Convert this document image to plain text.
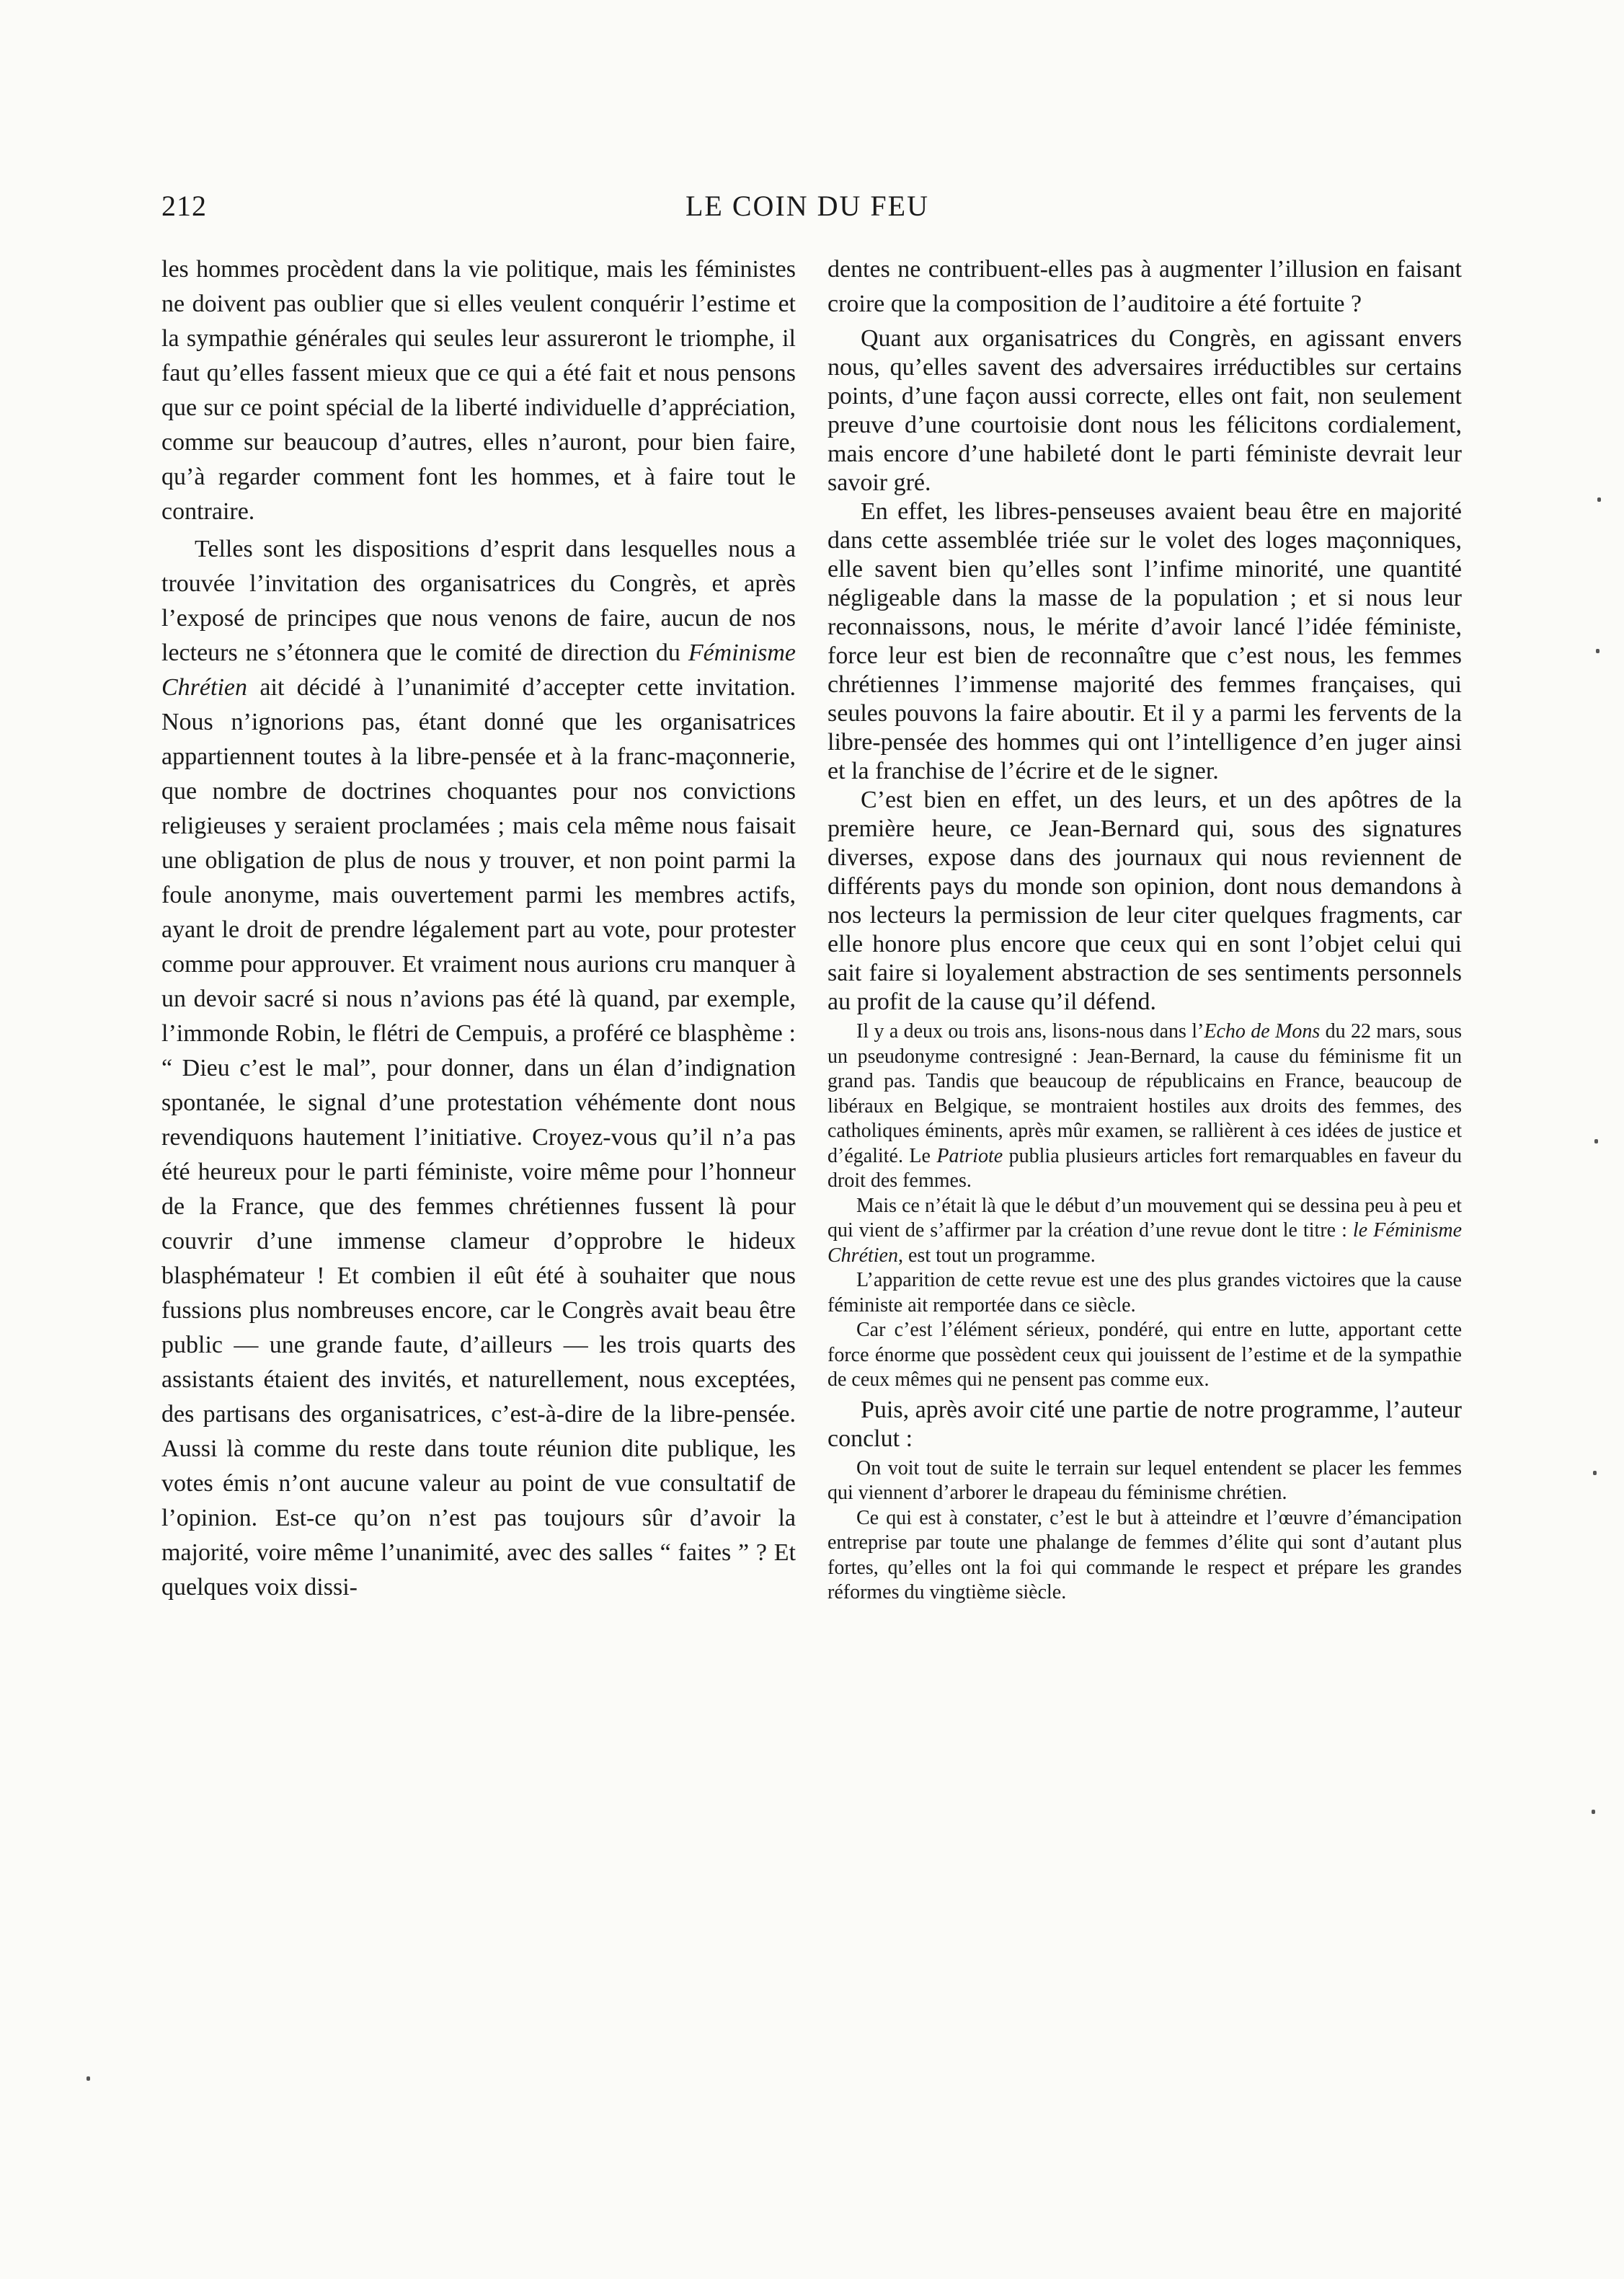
212	LE COIN DU FEU

les hommes procèdent dans la vie politique, mais les féministes ne doivent pas oublier que si elles veulent conquérir l’estime et la sympathie générales qui seules leur assureront le triomphe, il faut qu’elles fassent mieux que ce qui a été fait et nous pensons que sur ce point spécial de la liberté individuelle d’appréciation, comme sur beaucoup d’autres, elles n’auront, pour bien faire, qu’à regarder comment font les hommes, et à faire tout le contraire.

Telles sont les dispositions d’esprit dans lesquelles nous a trouvée l’invitation des organisatrices du Congrès, et après l’exposé de principes que nous venons de faire, aucun de nos lecteurs ne s’étonnera que le comité de direction du Féminisme Chrétien ait décidé à l’unanimité d’accepter cette invitation. Nous n’ignorions pas, étant donné que les organisatrices appartiennent toutes à la libre-pensée et à la franc-maçonnerie, que nombre de doctrines choquantes pour nos convictions religieuses y seraient proclamées ; mais cela même nous faisait une obligation de plus de nous y trouver, et non point parmi la foule anonyme, mais ouvertement parmi les membres actifs, ayant le droit de prendre légalement part au vote, pour protester comme pour approuver. Et vraiment nous aurions cru manquer à un devoir sacré si nous n’avions pas été là quand, par exemple, l’immonde Robin, le flétri de Cempuis, a proféré ce blasphème : “ Dieu c’est le mal”, pour donner, dans un élan d’indignation spontanée, le signal d’une protestation véhémente dont nous revendiquons hautement l’initiative. Croyez-vous qu’il n’a pas été heureux pour le parti féministe, voire même pour l’honneur de la France, que des femmes chrétiennes fussent là pour couvrir d’une immense clameur d’opprobre le hideux blasphémateur ! Et combien il eût été à souhaiter que nous fussions plus nombreuses encore, car le Congrès avait beau être public — une grande faute, d’ailleurs — les trois quarts des assistants étaient des invités, et naturellement, nous exceptées, des partisans des organisatrices, c’est-à-dire de la libre-pensée. Aussi là comme du reste dans toute réunion dite publique, les votes émis n’ont aucune valeur au point de vue consultatif de l’opinion. Est-ce qu’on n’est pas toujours sûr d’avoir la majorité, voire même l’unanimité, avec des salles “ faites ” ? Et quelques voix dissi-

dentes ne contribuent-elles pas à augmenter l’illusion en faisant croire que la composition de l’auditoire a été fortuite ?

Quant aux organisatrices du Congrès, en agissant envers nous, qu’elles savent des adversaires irréductibles sur certains points, d’une façon aussi correcte, elles ont fait, non seulement preuve d’une courtoisie dont nous les félicitons cordialement, mais encore d’une habileté dont le parti féministe devrait leur savoir gré.

En effet, les libres-penseuses avaient beau être en majorité dans cette assemblée triée sur le volet des loges maçonniques, elle savent bien qu’elles sont l’infime minorité, une quantité négligeable dans la masse de la population ; et si nous leur reconnaissons, nous, le mérite d’avoir lancé l’idée féministe, force leur est bien de reconnaître que c’est nous, les femmes chrétiennes l’immense majorité des femmes françaises, qui seules pouvons la faire aboutir. Et il y a parmi les fervents de la libre-pensée des hommes qui ont l’intelligence d’en juger ainsi et la franchise de l’écrire et de le signer.

C’est bien en effet, un des leurs, et un des apôtres de la première heure, ce Jean-Bernard qui, sous des signatures diverses, expose dans des journaux qui nous reviennent de différents pays du monde son opinion, dont nous demandons à nos lecteurs la permission de leur citer quelques fragments, car elle honore plus encore que ceux qui en sont l’objet celui qui sait faire si loyalement abstraction de ses sentiments personnels au profit de la cause qu’il défend.

Il y a deux ou trois ans, lisons-nous dans l’Echo de Mons du 22 mars, sous un pseudonyme contresigné : Jean-Bernard, la cause du féminisme fit un grand pas. Tandis que beaucoup de républicains en France, beaucoup de libéraux en Belgique, se montraient hostiles aux droits des femmes, des catholiques éminents, après mûr examen, se rallièrent à ces idées de justice et d’égalité. Le Patriote publia plusieurs articles fort remarquables en faveur du droit des femmes.

Mais ce n’était là que le début d’un mouvement qui se dessina peu à peu et qui vient de s’affirmer par la création d’une revue dont le titre : le Féminisme Chrétien, est tout un programme.

L’apparition de cette revue est une des plus grandes victoires que la cause féministe ait remportée dans ce siècle.

Car c’est l’élément sérieux, pondéré, qui entre en lutte, apportant cette force énorme que possèdent ceux qui jouissent de l’estime et de la sympathie de ceux mêmes qui ne pensent pas comme eux.

Puis, après avoir cité une partie de notre programme, l’auteur conclut :

On voit tout de suite le terrain sur lequel entendent se placer les femmes qui viennent d’arborer le drapeau du féminisme chrétien.

Ce qui est à constater, c’est le but à atteindre et l’œuvre d’émancipation entreprise par toute une phalange de femmes d’élite qui sont d’autant plus fortes, qu’elles ont la foi qui commande le respect et prépare les grandes réformes du vingtième siècle.
